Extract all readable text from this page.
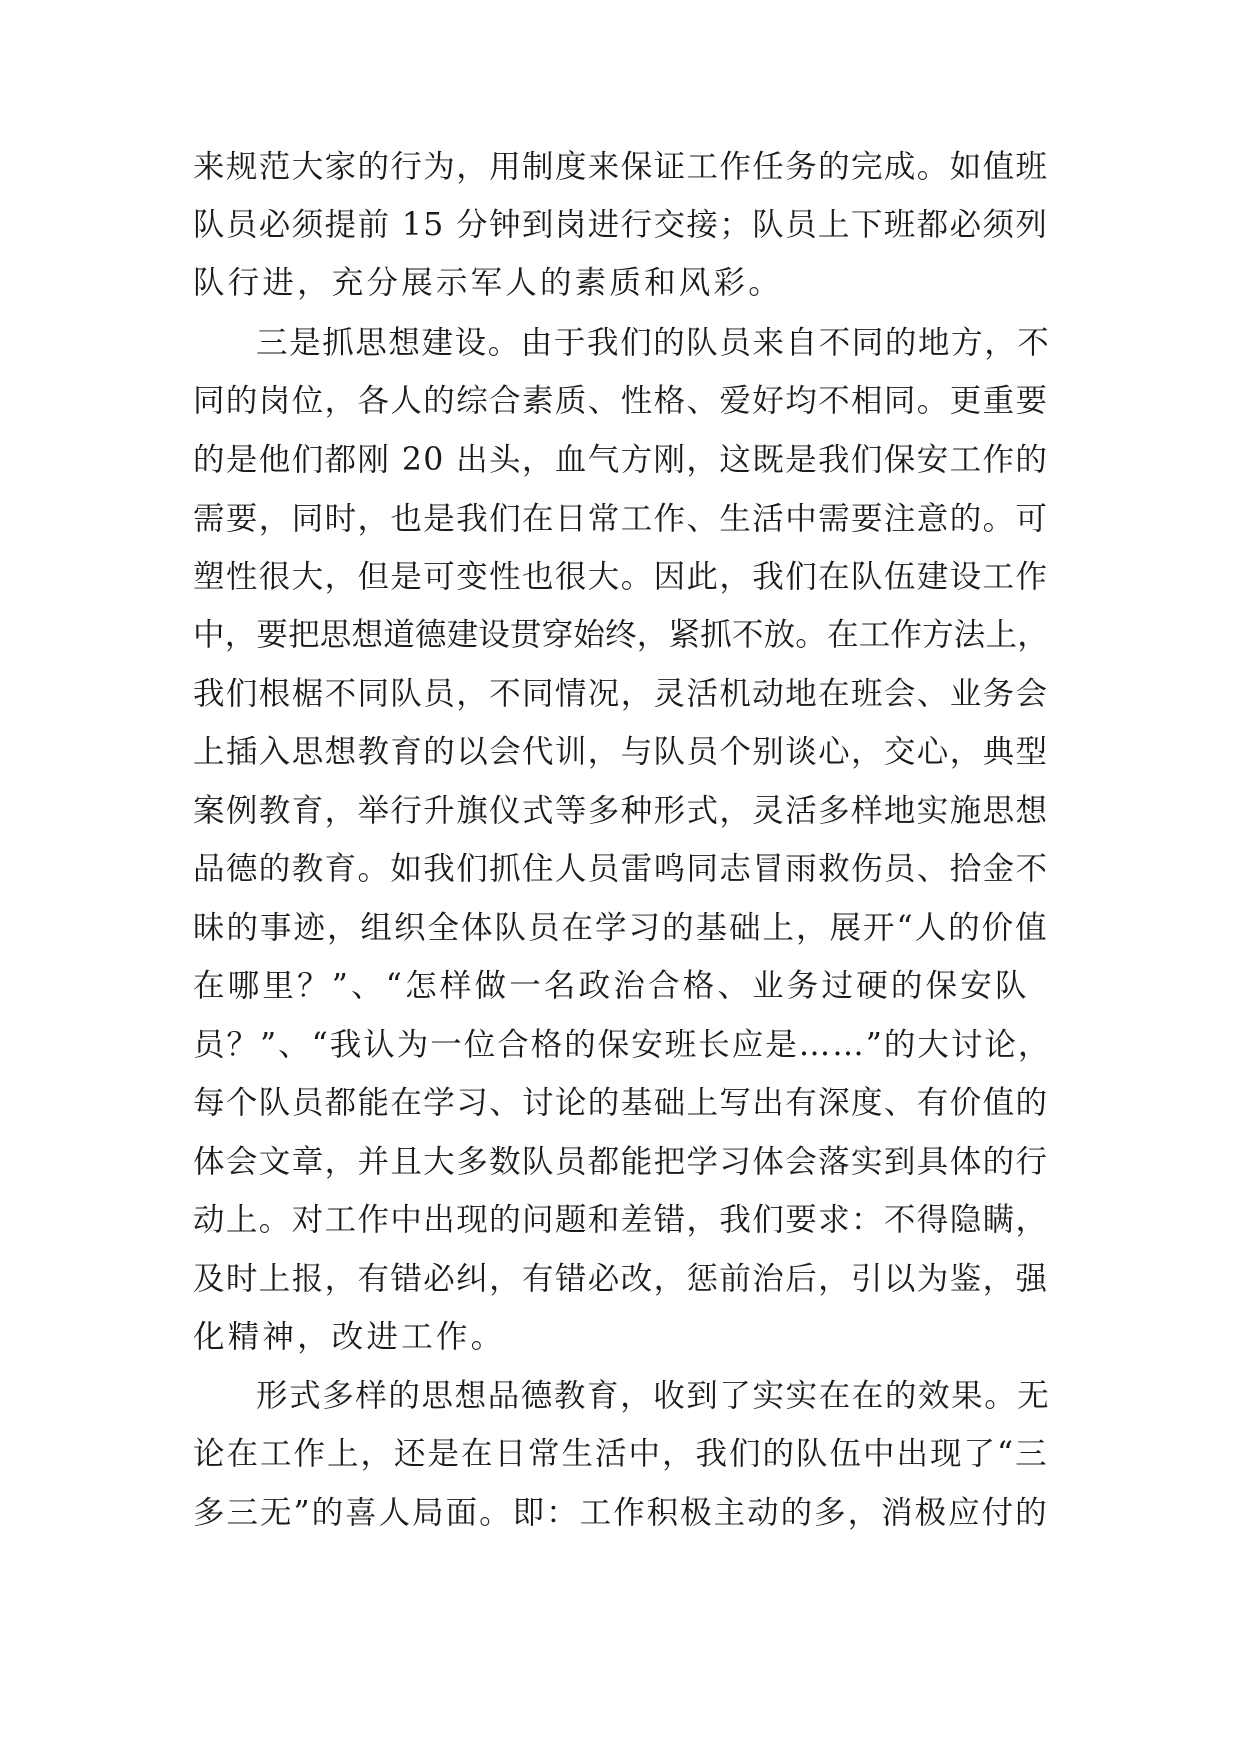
来规范大家的行为，用制度来保证工作任务的完成。如值班
队员必须提前 15 分钟到岗进行交接；队员上下班都必须列
队行进，充分展示军人的素质和风彩。
三是抓思想建设。由于我们的队员来自不同的地方，不
同的岗位，各人的综合素质、性格、爱好均不相同。更重要
的是他们都刚 20 出头，血气方刚，这既是我们保安工作的
需要，同时，也是我们在日常工作、生活中需要注意的。可
塑性很大，但是可变性也很大。因此，我们在队伍建设工作
中，要把思想道德建设贯穿始终，紧抓不放。在工作方法上，
我们根椐不同队员，不同情况，灵活机动地在班会、业务会
上插入思想教育的以会代训，与队员个别谈心，交心，典型
案例教育，举行升旗仪式等多种形式，灵活多样地实施思想
品德的教育。如我们抓住人员雷鸣同志冒雨救伤员、拾金不
昧的事迹，组织全体队员在学习的基础上，展开“人的价值
在哪里？”、“怎样做一名政治合格、业务过硬的保安队
员？”、“我认为一位合格的保安班长应是……”的大讨论，
每个队员都能在学习、讨论的基础上写出有深度、有价值的
体会文章，并且大多数队员都能把学习体会落实到具体的行
动上。对工作中出现的问题和差错，我们要求：不得隐瞒，
及时上报，有错必纠，有错必改，惩前治后，引以为鉴，强
化精神，改进工作。
形式多样的思想品德教育，收到了实实在在的效果。无
论在工作上，还是在日常生活中，我们的队伍中出现了“三
多三无”的喜人局面。即：工作积极主动的多，消极应付的
